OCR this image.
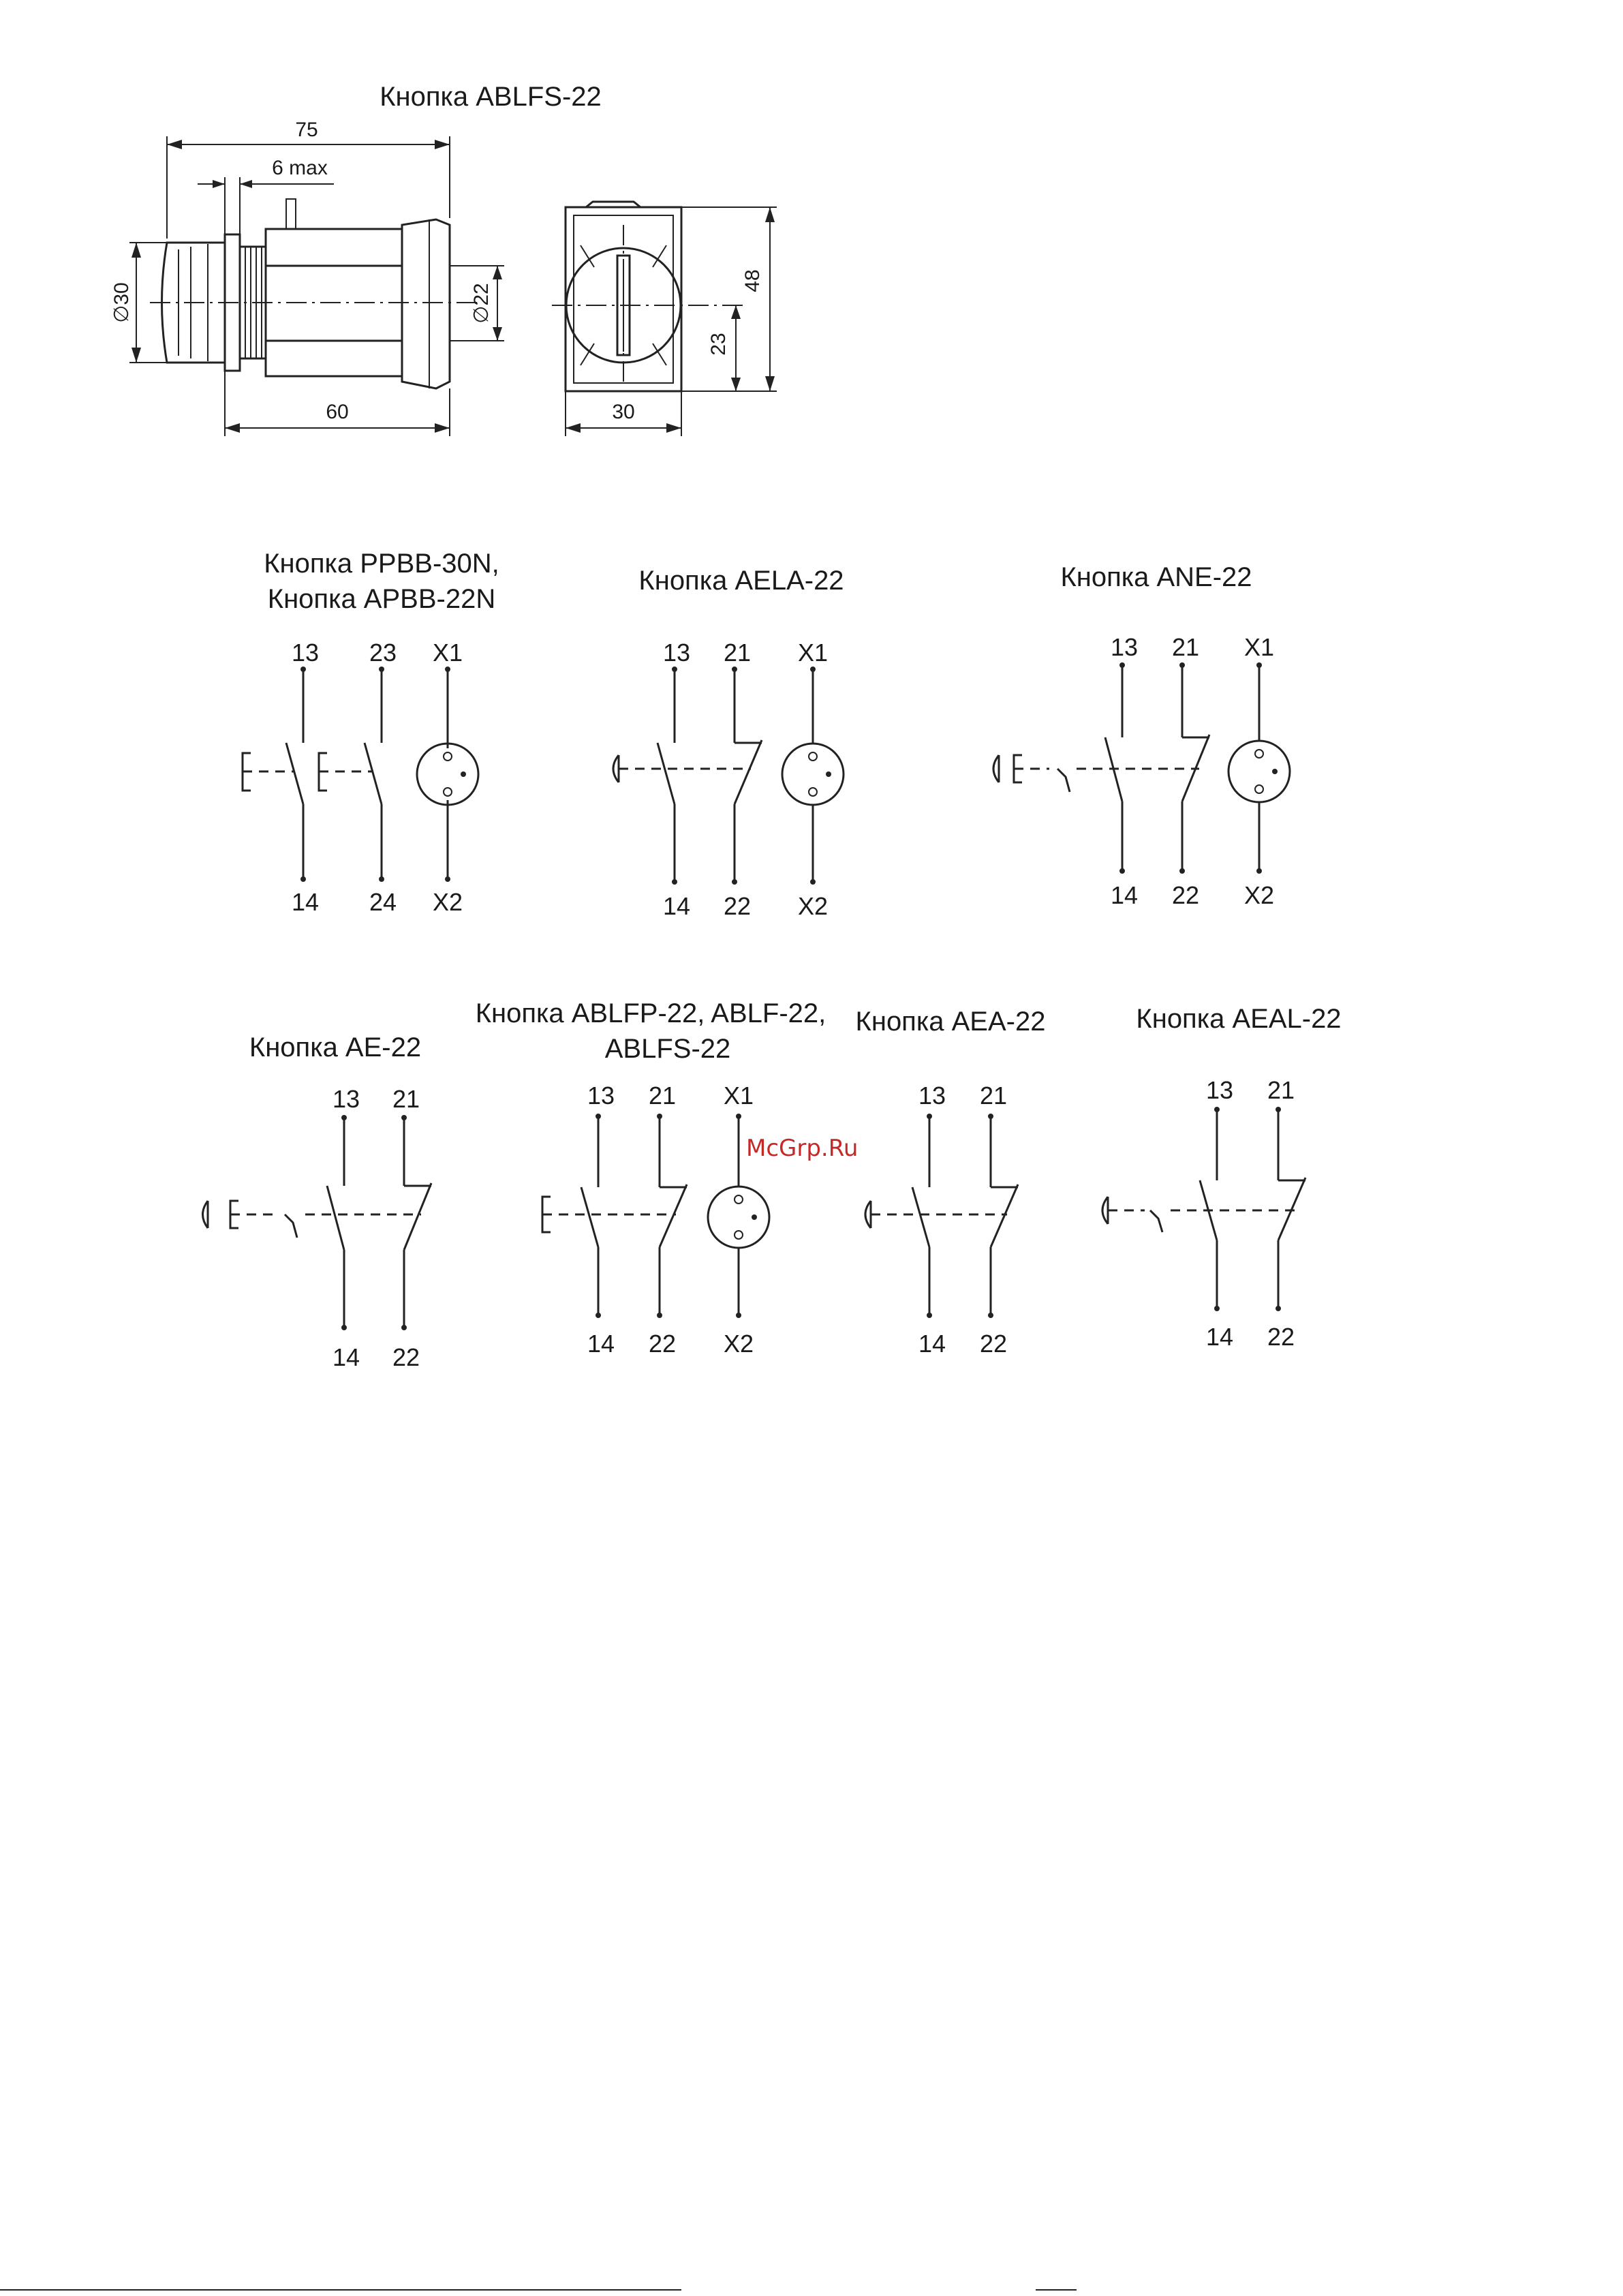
Кнопка ABLFS-22
75
6 max
∅30	∅22
60
48
23
30
Кнопка PPBB-30N,
Кнопка APBB-22N
13 23 X1
14 24 X2
Кнопка AELA-22
13 21 X1
14 22 X2
Кнопка ANE-22
13 21 X1
14 22 X2
Кнопка AE-22
13 21
14 22
Кнопка ABLFP-22, ABLF-22,
ABLFS-22
13 21 X1
14 22 X2
Кнопка AEA-22
13 21
14 22
Кнопка AEAL-22
13 21
14 22
McGrp.Ru
